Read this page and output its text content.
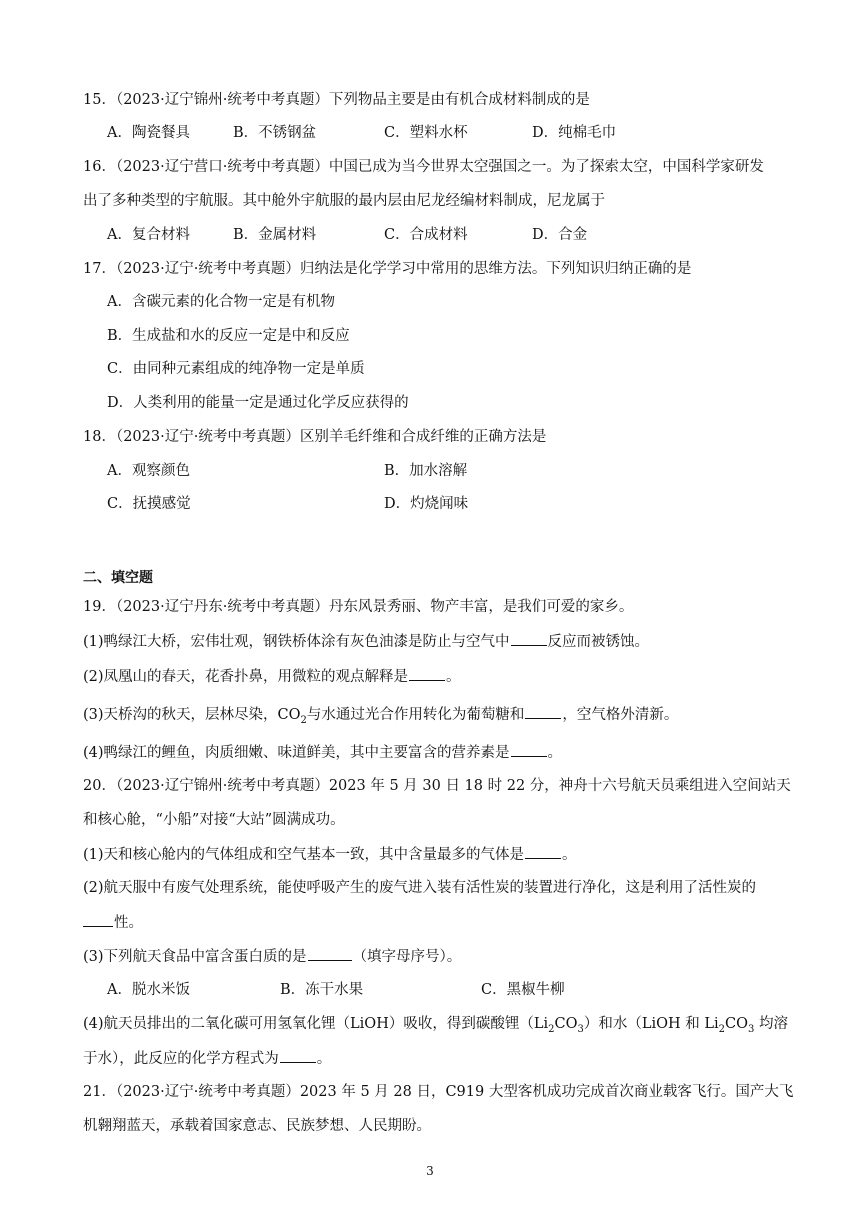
15．（2023·辽宁锦州·统考中考真题）下列物品主要是由有机合成材料制成的是
A．陶瓷餐具	B．不锈钢盆	C．塑料水杯	D．纯棉毛巾
16．（2023·辽宁营口·统考中考真题）中国已成为当今世界太空强国之一。为了探索太空，中国科学家研发
出了多种类型的宇航服。其中舱外宇航服的最内层由尼龙经编材料制成，尼龙属于
A．复合材料	B．金属材料	C．合成材料	D．合金
17．（2023·辽宁·统考中考真题）归纳法是化学学习中常用的思维方法。下列知识归纳正确的是
A．含碳元素的化合物一定是有机物
B．生成盐和水的反应一定是中和反应
C．由同种元素组成的纯净物一定是单质
D．人类利用的能量一定是通过化学反应获得的
18．（2023·辽宁·统考中考真题）区别羊毛纤维和合成纤维的正确方法是
A．观察颜色	B．加水溶解
C．抚摸感觉	D．灼烧闻味
二、填空题
19．（2023·辽宁丹东·统考中考真题）丹东风景秀丽、物产丰富，是我们可爱的家乡。
(1)鸭绿江大桥，宏伟壮观，钢铁桥体涂有灰色油漆是防止与空气中	反应而被锈蚀。
(2)凤凰山的春天，花香扑鼻，用微粒的观点解释是	。
(3)天桥沟的秋天，层林尽染，$CO_2$与水通过光合作用转化为葡萄糖和	，空气格外清新。
(4)鸭绿江的鲤鱼，肉质细嫩、味道鲜美，其中主要富含的营养素是	。
20．（2023·辽宁锦州·统考中考真题）2023 年 5 月 30 日 18 时 22 分，神舟十六号航天员乘组进入空间站天
和核心舱，“小船”对接“大站”圆满成功。
(1)天和核心舱内的气体组成和空气基本一致，其中含量最多的气体是	。
(2)航天服中有废气处理系统，能使呼吸产生的废气进入装有活性炭的装置进行净化，这是利用了活性炭的
性。
(3)下列航天食品中富含蛋白质的是	（填字母序号）。
A．脱水米饭	B．冻干水果	C．黑椒牛柳
(4)航天员排出的二氧化碳可用氢氧化锂（LiOH）吸收，得到碳酸锂$(Li_2CO_3)$和水（LiOH 和 $Li_2CO_3$ 均溶
于水），此反应的化学方程式为	。
21．（2023·辽宁·统考中考真题）2023 年 5 月 28 日，C919 大型客机成功完成首次商业载客飞行。国产大飞
机翱翔蓝天，承载着国家意志、民族梦想、人民期盼。
3
